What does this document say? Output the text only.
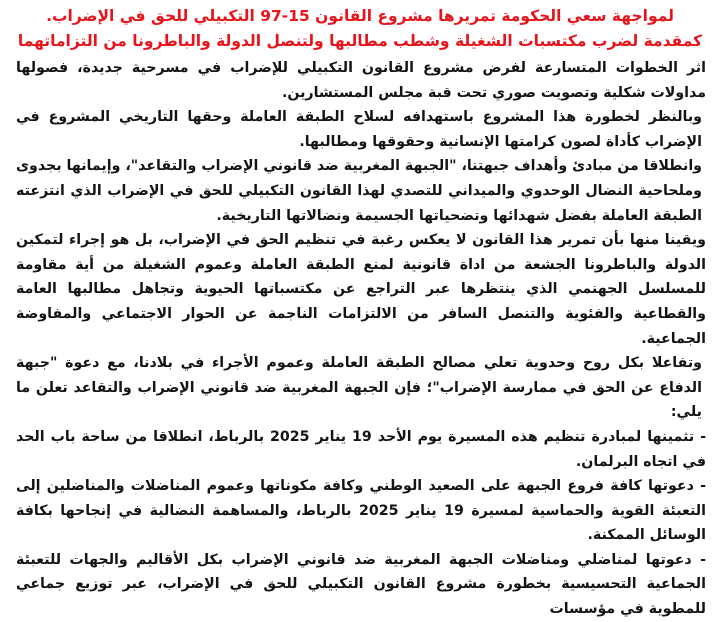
لمواجهة سعي الحكومة تمريرها مشروع القانون 15-97 التكبيلي للحق في الإضراب.
كمقدمة لضرب مكتسبات الشغيلة وشطب مطالبها ولتنصل الدولة والباطرونا من التزاماتهما

اثر الخطوات المتسارعة لفرض مشروع القانون التكبيلي للإضراب في مسرحية جديدة، فصولها مداولات شكلية وتصويت صوري تحت قبة مجلس المستشارين.

وبالنظر لخطورة هذا المشروع باستهدافه لسلاح الطبقة العاملة وحقها التاريخي المشروع في الإضراب كأداة لصون كرامتها الإنسانية وحقوقها ومطالبها.

وانطلاقا من مبادئ وأهداف جبهتنا، "الجبهة المغربية ضد قانوني الإضراب والتقاعد"، وإيمانها بجدوى وملحاحية النضال الوحدوي والميداني للتصدي لهذا القانون التكبيلي للحق في الإضراب الذي انتزعته الطبقة العاملة بفضل شهدائها وتضحياتها الجسيمة ونضالاتها التاريخية.

ويقينا منها بأن تمرير هذا القانون لا يعكس رغبة في تنظيم الحق في الإضراب، بل هو إجراء لتمكين الدولة والباطرونا الجشعة من اداة قانونية لمنع الطبقة العاملة وعموم الشغيلة من أية مقاومة للمسلسل الجهنمي الذي ينتظرها عبر التراجع عن مكتسباتها الحيوية وتجاهل مطالبها العامة والقطاعية والفئوية والتنصل السافر من الالتزامات الناجمة عن الحوار الاجتماعي والمفاوضة الجماعية.

وتفاعلا بكل روح وحدوية تعلي مصالح الطبقة العاملة وعموم الأجراء في بلادنا، مع دعوة "جبهة الدفاع عن الحق في ممارسة الإضراب"؛ فإن الجبهة المغربية ضد قانوني الإضراب والتقاعد تعلن ما يلي:

- تثمينها لمبادرة تنظيم هذه المسيرة يوم الأحد 19 يناير 2025 بالرباط، انطلاقا من ساحة باب الحد في اتجاه البرلمان.

- دعوتها كافة فروع الجبهة على الصعيد الوطني وكافة مكوناتها وعموم المناضلات والمناضلين إلى التعبئة القوية والحماسية لمسيرة 19 يناير 2025 بالرباط، والمساهمة النضالية في إنجاحها بكافة الوسائل الممكنة.

- دعوتها لمناضلي ومناضلات الجبهة المغربية ضد قانوني الإضراب بكل الأقاليم والجهات للتعبئة الجماعية التحسيسية بخطورة مشروع القانون التكبيلي للحق في الإضراب، عبر توزيع جماعي للمطوية في مؤسسات
